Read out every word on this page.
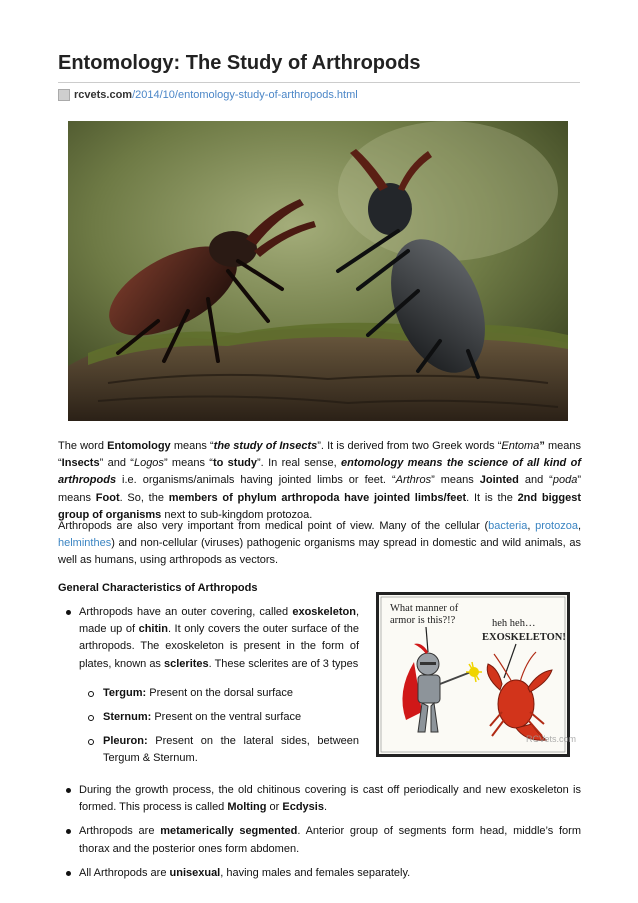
Entomology: The Study of Arthropods
rcvets.com /2014/10/entomology-study-of-arthropods.html

The word Entomology means “the study of Insects”. It is derived from two Greek words “Entoma” means “Insects” and “Logos” means “to study”. In real sense, entomology means the science of all kind of arthropods i.e. organisms/animals having jointed limbs or feet. “Arthros” means Jointed and “poda” means Foot. So, the members of phylum arthropoda have jointed limbs/feet. It is the 2nd biggest group of organisms next to sub-kingdom protozoa.

Arthropods are also very important from medical point of view. Many of the cellular (bacteria, protozoa, helminthes) and non-cellular (viruses) pathogenic organisms may spread in domestic and wild animals, as well as humans, using arthropods as vectors.

General Characteristics of Arthropods
Arthropods have an outer covering, called exoskeleton, made up of chitin. It only covers the outer surface of the arthropods. The exoskeleton is present in the form of plates, known as sclerites. These sclerites are of 3 types
Tergum: Present on the dorsal surface
Sternum: Present on the ventral surface
Pleuron: Present on the lateral sides, between Tergum & Sternum.
What manner of
armor is this?!?	heh heh…
EXOSKELETON!
RCVets.com
During the growth process, the old chitinous covering is cast off periodically and new exoskeleton is formed. This process is called Molting or Ecdysis.
Arthropods are metamerically segmented. Anterior group of segments form head, middle’s form thorax and the posterior ones form abdomen.
All Arthropods are unisexual, having males and females separately.
